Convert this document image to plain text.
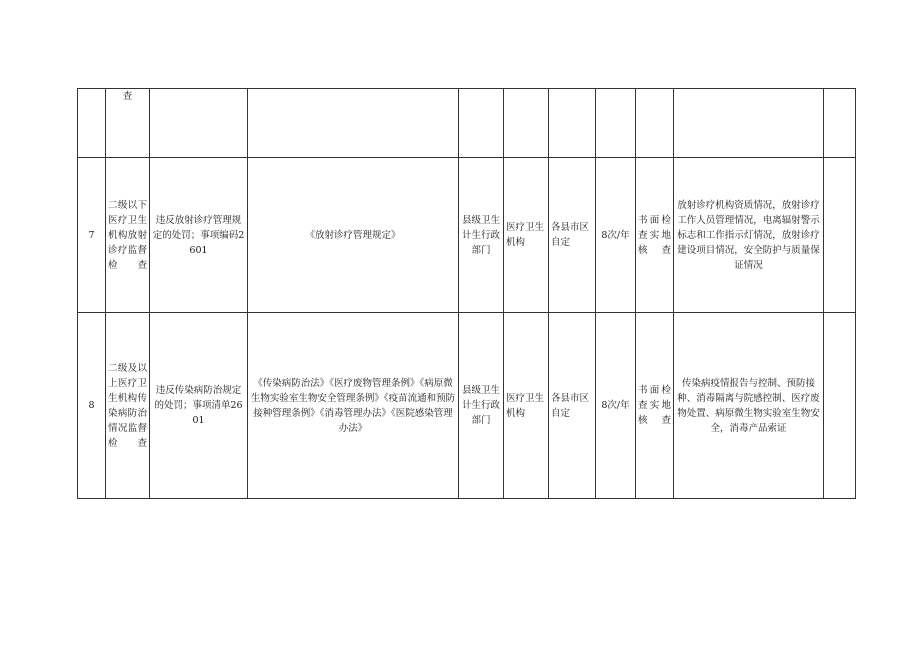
	查									
7	二级以下医疗卫生机构放射诊疗监督检查	违反放射诊疗管理规定的处罚；事项编码2601	《放射诊疗管理规定》	县级卫生计生行政部门	医疗卫生机构	各县市区自定	8次/年	书面检查实地核查	放射诊疗机构资质情况，放射诊疗工作人员管理情况，电离辐射警示标志和工作指示灯情况，放射诊疗建设项目情况，安全防护与质量保证情况	
8	二级及以上医疗卫生机构传染病防治情况监督检查	违反传染病防治规定的处罚；事项清单2601	《传染病防治法》《医疗废物管理条例》《病原微生物实验室生物安全管理条例》《疫苗流通和预防接种管理条例》《消毒管理办法》《医院感染管理办法》	县级卫生计生行政部门	医疗卫生机构	各县市区自定	8次/年	书面检查实地核查	传染病疫情报告与控制、预防接种、消毒隔离与院感控制、医疗废物处置、病原微生物实验室生物安全，消毒产品索证	
